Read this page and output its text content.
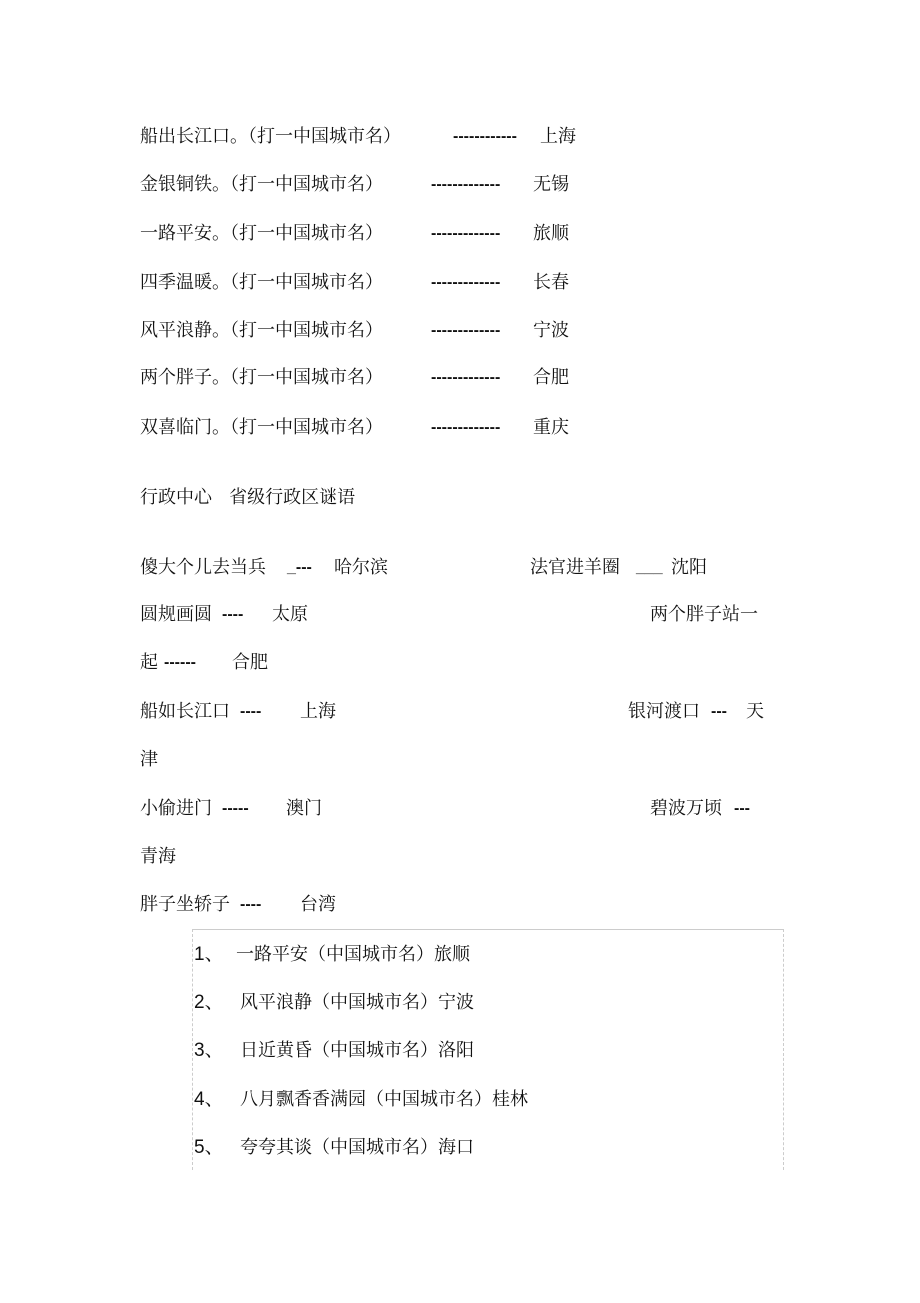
船出长江口。（打一中国城市名）	------------ 上海
金银铜铁。（打一中国城市名）	------------- 无锡
一路平安。（打一中国城市名）	------------- 旅顺
四季温暖。（打一中国城市名）	------------- 长春
风平浪静。（打一中国城市名）	------------- 宁波
两个胖子。（打一中国城市名）	------------- 合肥
双喜临门。（打一中国城市名）	------------- 重庆
行政中心   省级行政区谜语
傻大个儿去当兵 _--- 哈尔滨	法官进羊圈 ___ 沈阳
圆规画圆 ---- 太原	两个胖子站一
起 ------ 合肥
船如长江口 ---- 上海	银河渡口 --- 天
津
小偷进门 ----- 澳门	碧波万顷 ---
青海
胖子坐轿子 ---- 台湾
1、 一路平安（中国城市名）旅顺
2、 风平浪静（中国城市名）宁波
3、 日近黄昏（中国城市名）洛阳
4、 八月飘香香满园（中国城市名）桂林
5、 夸夸其谈（中国城市名）海口
